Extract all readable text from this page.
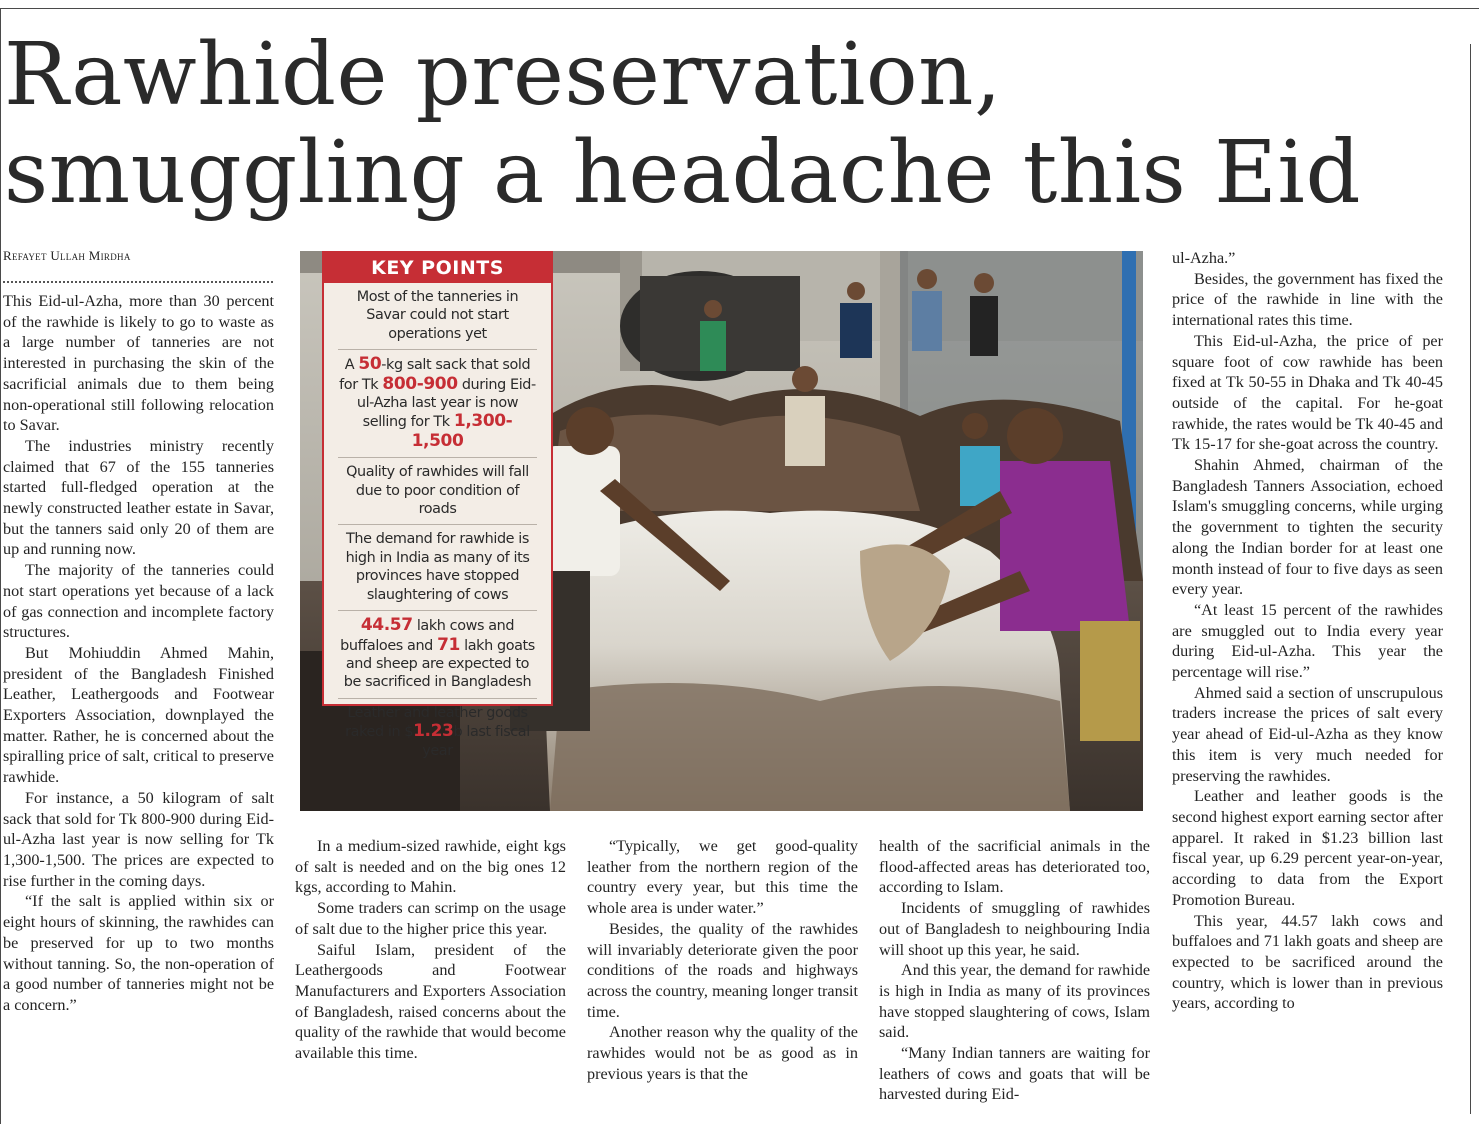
Rawhide preservation, smuggling a headache this Eid
Refayet Ullah Mirdha
KEY POINTS
Most of the tanneries in Savar could not start operations yet
A 50-kg salt sack that sold for Tk 800-900 during Eid-ul-Azha last year is now selling for Tk 1,300-1,500
Quality of rawhides will fall due to poor condition of roads
The demand for rawhide is high in India as many of its provinces have stopped slaughtering of cows
44.57 lakh cows and buffaloes and 71 lakh goats and sheep are expected to be sacrificed in Bangladesh
Leather and leather goods raked in $1.23b last fiscal year

This Eid-ul-Azha, more than 30 percent of the rawhide is likely to go to waste as a large number of tanneries are not interested in purchasing the skin of the sacrificial animals due to them being non-operational still following relocation to Savar.

The industries ministry recently claimed that 67 of the 155 tanneries started full-fledged operation at the newly constructed leather estate in Savar, but the tanners said only 20 of them are up and running now.

The majority of the tanneries could not start operations yet because of a lack of gas connection and incomplete factory structures.

But Mohiuddin Ahmed Mahin, president of the Bangladesh Finished Leather, Leathergoods and Footwear Exporters Association, downplayed the matter. Rather, he is concerned about the spiralling price of salt, critical to preserve rawhide.

For instance, a 50 kilogram of salt sack that sold for Tk 800-900 during Eid-ul-Azha last year is now selling for Tk 1,300-1,500. The prices are expected to rise further in the coming days.

“If the salt is applied within six or eight hours of skinning, the rawhides can be preserved for up to two months without tanning. So, the non-operation of a good number of tanneries might not be a concern.”

In a medium-sized rawhide, eight kgs of salt is needed and on the big ones 12 kgs, according to Mahin.

Some traders can scrimp on the usage of salt due to the higher price this year.

Saiful Islam, president of the Leathergoods and Footwear Manufacturers and Exporters Association of Bangladesh, raised concerns about the quality of the rawhide that would become available this time.

“Typically, we get good-quality leather from the northern region of the country every year, but this time the whole area is under water.”

Besides, the quality of the rawhides will invariably deteriorate given the poor conditions of the roads and highways across the country, meaning longer transit time.

Another reason why the quality of the rawhides would not be as good as in previous years is that the

health of the sacrificial animals in the flood-affected areas has deteriorated too, according to Islam.

Incidents of smuggling of rawhides out of Bangladesh to neighbouring India will shoot up this year, he said.

And this year, the demand for rawhide is high in India as many of its provinces have stopped slaughtering of cows, Islam said.

“Many Indian tanners are waiting for leathers of cows and goats that will be harvested during Eid-

ul-Azha.”

Besides, the government has fixed the price of the rawhide in line with the international rates this time.

This Eid-ul-Azha, the price of per square foot of cow rawhide has been fixed at Tk 50-55 in Dhaka and Tk 40-45 outside of the capital. For he-goat rawhide, the rates would be Tk 40-45 and Tk 15-17 for she-goat across the country.

Shahin Ahmed, chairman of the Bangladesh Tanners Association, echoed Islam's smuggling concerns, while urging the government to tighten the security along the Indian border for at least one month instead of four to five days as seen every year.

“At least 15 percent of the rawhides are smuggled out to India every year during Eid-ul-Azha. This year the percentage will rise.”

Ahmed said a section of unscrupulous traders increase the prices of salt every year ahead of Eid-ul-Azha as they know this item is very much needed for preserving the rawhides.

Leather and leather goods is the second highest export earning sector after apparel. It raked in $1.23 billion last fiscal year, up 6.29 percent year-on-year, according to data from the Export Promotion Bureau.

This year, 44.57 lakh cows and buffaloes and 71 lakh goats and sheep are expected to be sacrificed around the country, which is lower than in previous years, according to
